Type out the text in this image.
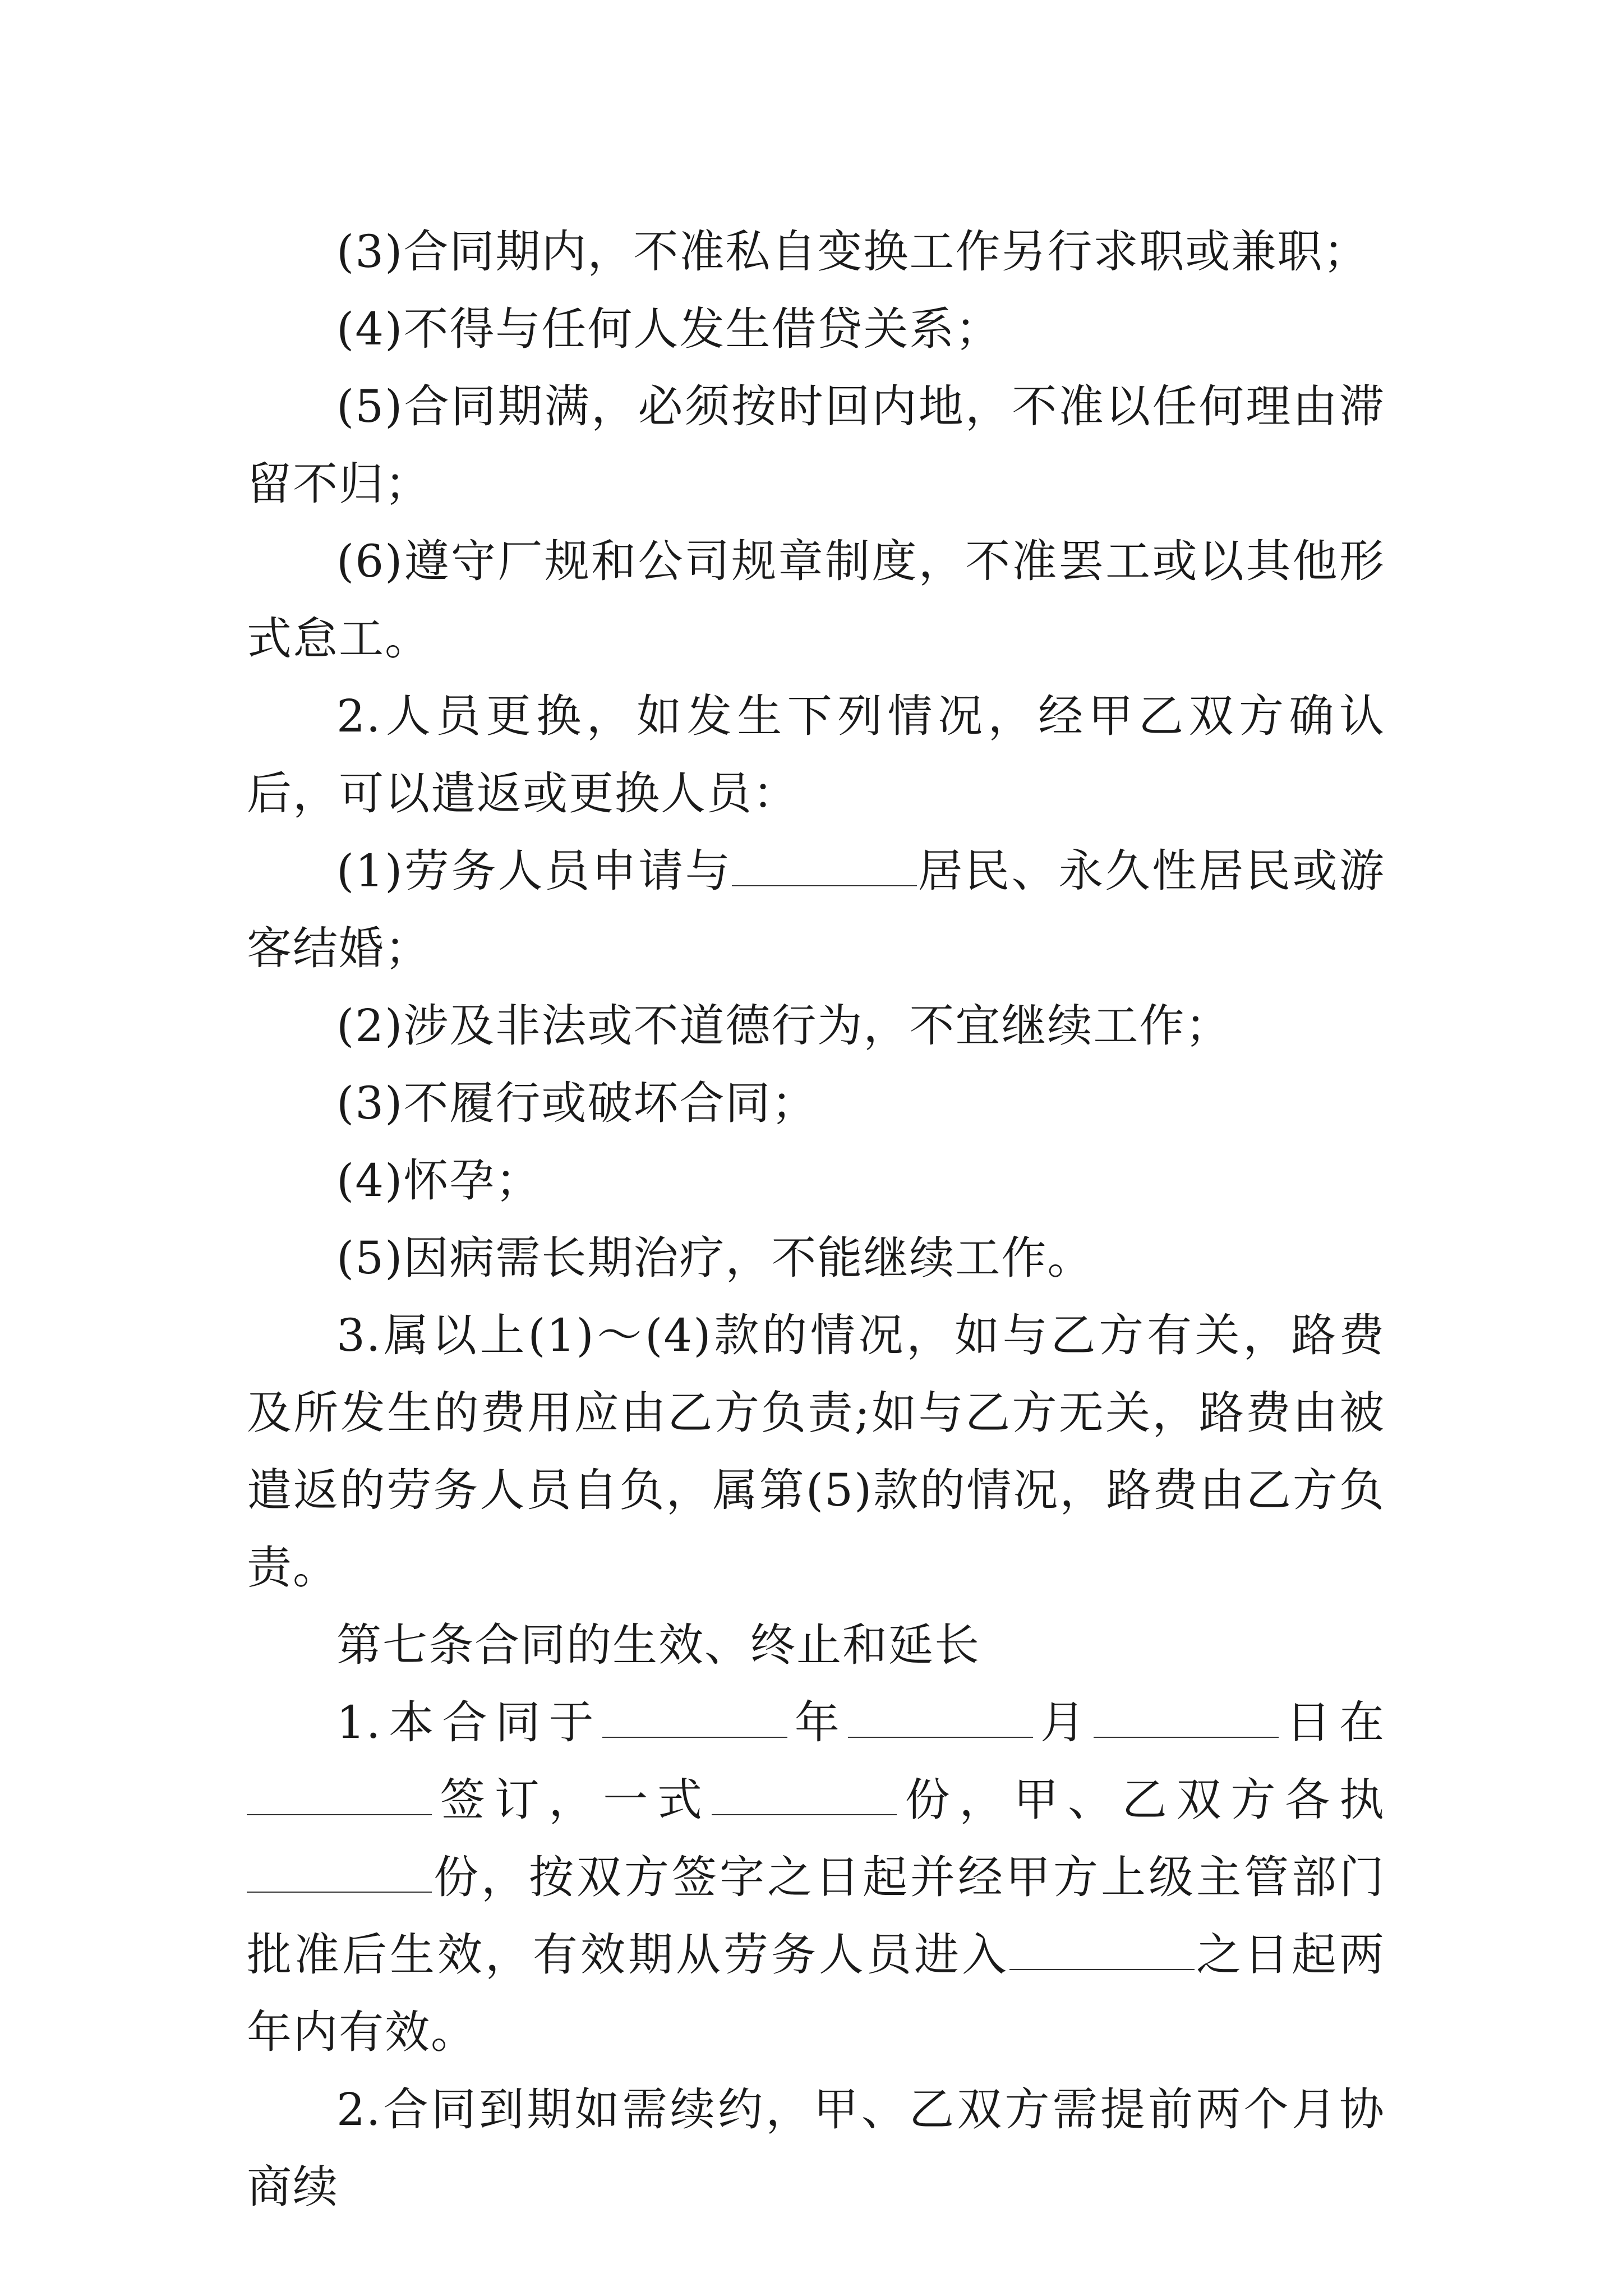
(3)合同期内，不准私自变换工作另行求职或兼职；

(4)不得与任何人发生借贷关系；

(5)合同期满，必须按时回内地，不准以任何理由滞留不归；

(6)遵守厂规和公司规章制度，不准罢工或以其他形式怠工。

2.人员更换，如发生下列情况，经甲乙双方确认后，可以遣返或更换人员：

(1)劳务人员申请与	居民、永久性居民或游客结婚；

(2)涉及非法或不道德行为，不宜继续工作；

(3)不履行或破坏合同；

(4)怀孕；

(5)因病需长期治疗，不能继续工作。

3.属以上(1)～(4)款的情况，如与乙方有关，路费及所发生的费用应由乙方负责;如与乙方无关，路费由被遣返的劳务人员自负，属第(5)款的情况，路费由乙方负责。

第七条合同的生效、终止和延长

1.本合同于	年	月	日在签订，一式	份，甲、乙双方各执份，按双方签字之日起并经甲方上级主管部门批准后生效，有效期从劳务人员进入	之日起两年内有效。

2.合同到期如需续约，甲、乙双方需提前两个月协商续
